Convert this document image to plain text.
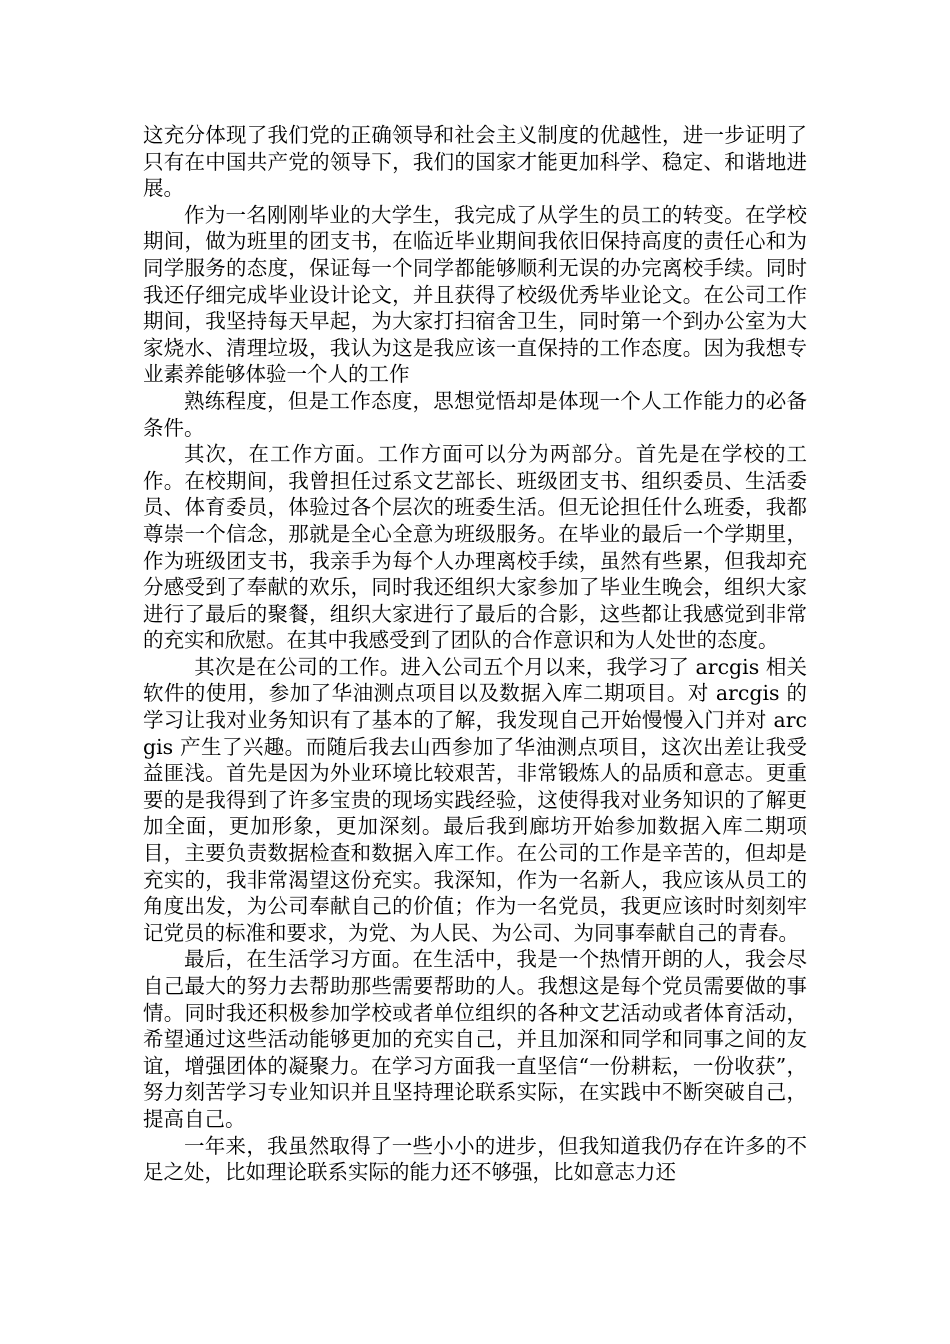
这充分体现了我们党的正确领导和社会主义制度的优越性，进一步证明了只有在中国共产党的领导下，我们的国家才能更加科学、稳定、和谐地进展。

作为一名刚刚毕业的大学生，我完成了从学生的员工的转变。在学校期间，做为班里的团支书，在临近毕业期间我依旧保持高度的责任心和为同学服务的态度，保证每一个同学都能够顺利无误的办完离校手续。同时我还仔细完成毕业设计论文，并且获得了校级优秀毕业论文。在公司工作期间，我坚持每天早起，为大家打扫宿舍卫生，同时第一个到办公室为大家烧水、清理垃圾，我认为这是我应该一直保持的工作态度。因为我想专业素养能够体验一个人的工作

熟练程度，但是工作态度，思想觉悟却是体现一个人工作能力的必备条件。

其次，在工作方面。工作方面可以分为两部分。首先是在学校的工作。在校期间，我曾担任过系文艺部长、班级团支书、组织委员、生活委员、体育委员，体验过各个层次的班委生活。但无论担任什么班委，我都尊崇一个信念，那就是全心全意为班级服务。在毕业的最后一个学期里，作为班级团支书，我亲手为每个人办理离校手续，虽然有些累，但我却充分感受到了奉献的欢乐，同时我还组织大家参加了毕业生晚会，组织大家进行了最后的聚餐，组织大家进行了最后的合影，这些都让我感觉到非常的充实和欣慰。在其中我感受到了团队的合作意识和为人处世的态度。

其次是在公司的工作。进入公司五个月以来，我学习了 arcgis 相关软件的使用，参加了华油测点项目以及数据入库二期项目。对 arcgis 的学习让我对业务知识有了基本的了解，我发现自己开始慢慢入门并对 arcgis 产生了兴趣。而随后我去山西参加了华油测点项目，这次出差让我受益匪浅。首先是因为外业环境比较艰苦，非常锻炼人的品质和意志。更重要的是我得到了许多宝贵的现场实践经验，这使得我对业务知识的了解更加全面，更加形象，更加深刻。最后我到廊坊开始参加数据入库二期项目，主要负责数据检查和数据入库工作。在公司的工作是辛苦的，但却是充实的，我非常渴望这份充实。我深知，作为一名新人，我应该从员工的角度出发，为公司奉献自己的价值；作为一名党员，我更应该时时刻刻牢记党员的标准和要求，为党、为人民、为公司、为同事奉献自己的青春。

最后，在生活学习方面。在生活中，我是一个热情开朗的人，我会尽自己最大的努力去帮助那些需要帮助的人。我想这是每个党员需要做的事情。同时我还积极参加学校或者单位组织的各种文艺活动或者体育活动，希望通过这些活动能够更加的充实自己，并且加深和同学和同事之间的友谊，增强团体的凝聚力。在学习方面我一直坚信“一份耕耘，一份收获”，努力刻苦学习专业知识并且坚持理论联系实际，在实践中不断突破自己，提高自己。

一年来，我虽然取得了一些小小的进步，但我知道我仍存在许多的不足之处，比如理论联系实际的能力还不够强，比如意志力还
